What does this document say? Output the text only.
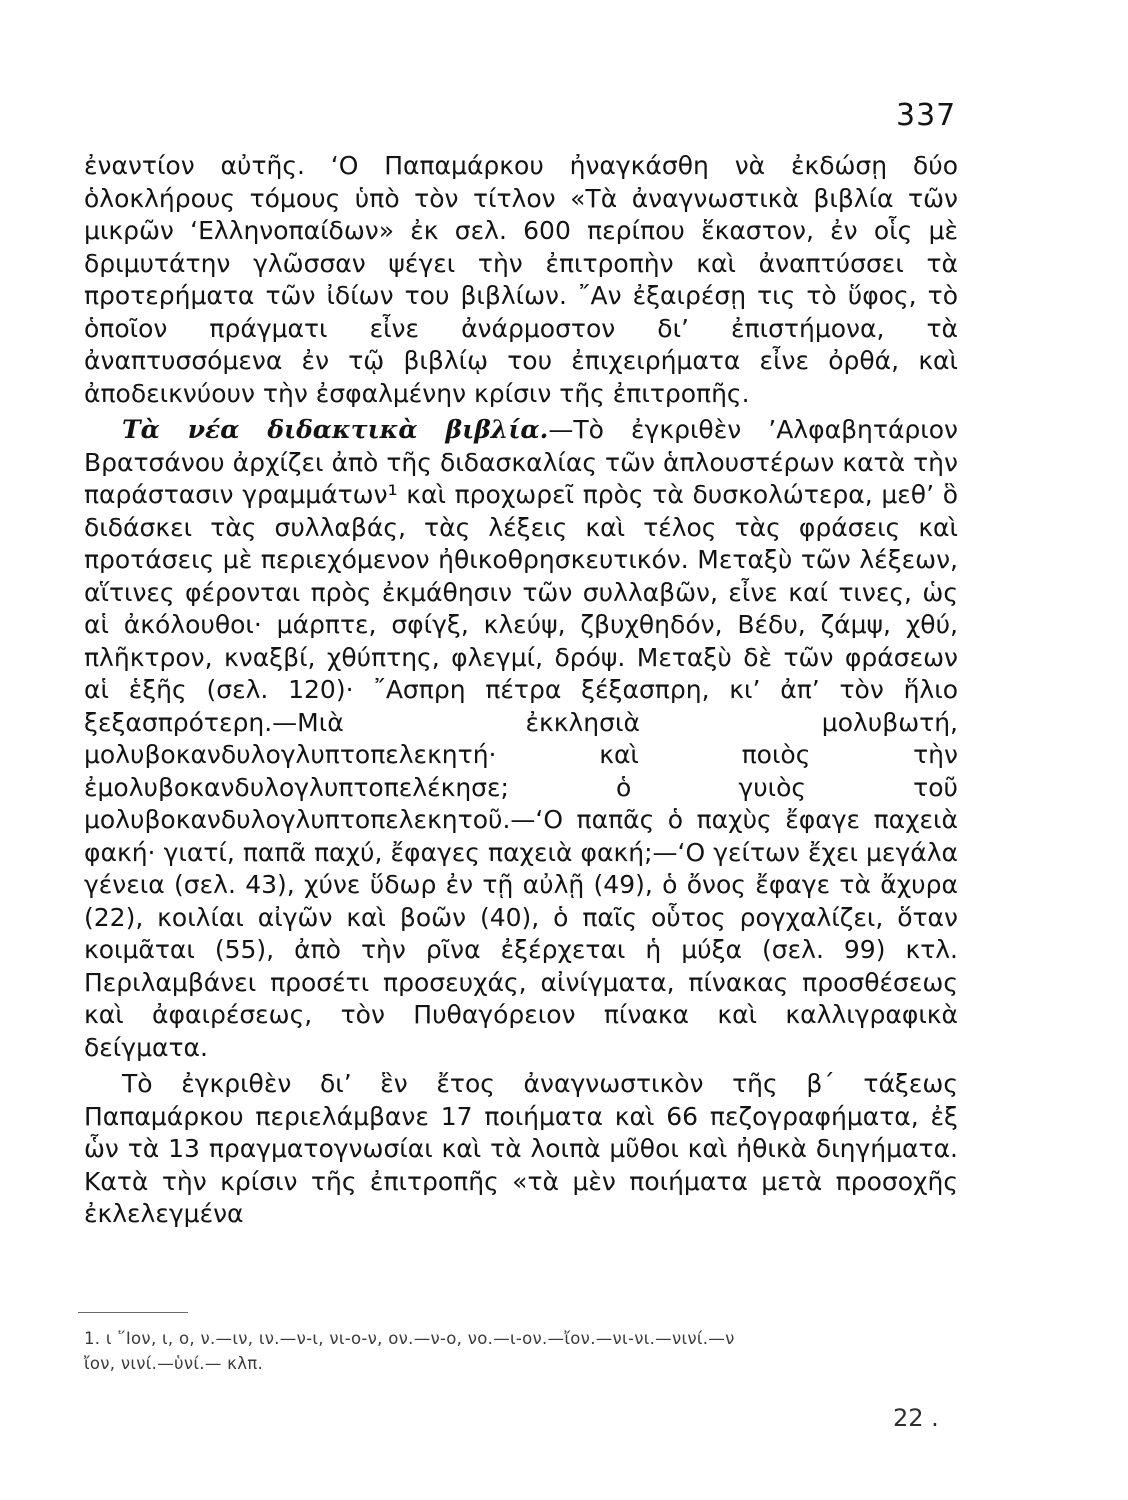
337

ἐναντίον αὐτῆς. ‘Ο Παπαμάρκου ἠναγκάσθη νὰ ἐκδώσῃ δύο ὁλοκλήρους τόμους ὑπὸ τὸν τίτλον «Τὰ ἀναγνωστικὰ βιβλία τῶν μικρῶν ‘Ελληνοπαίδων» ἐκ σελ. 600 περίπου ἕκαστον, ἐν οἷς μὲ δριμυτάτην γλῶσσαν ψέγει τὴν ἐπιτροπὴν καὶ ἀναπτύσσει τὰ προτερήματα τῶν ἰδίων του βιβλίων. ῎Αν ἐξαιρέσῃ τις τὸ ὕφος, τὸ ὁποῖον πράγματι εἶνε ἀνάρμοστον δι’ ἐπιστήμονα, τὰ ἀναπτυσσόμενα ἐν τῷ βιβλίῳ του ἐπιχειρήματα εἶνε ὀρθά, καὶ ἀποδεικνύουν τὴν ἐσφαλμένην κρίσιν τῆς ἐπιτροπῆς.

Τὰ νέα διδακτικὰ βιβλία.—Τὸ ἐγκριθὲν ’Αλφαβητάριον Βρατσάνου ἀρχίζει ἀπὸ τῆς διδασκαλίας τῶν ἁπλουστέρων κατὰ τὴν παράστασιν γραμμάτων¹ καὶ προχωρεῖ πρὸς τὰ δυσκολώτερα, μεθ’ ὃ διδάσκει τὰς συλλαβάς, τὰς λέξεις καὶ τέλος τὰς φράσεις καὶ προτάσεις μὲ περιεχόμενον ἠθικοθρησκευτικόν. Μεταξὺ τῶν λέξεων, αἵτινες φέρονται πρὸς ἐκμάθησιν τῶν συλλαβῶν, εἶνε καί τινες, ὡς αἱ ἀκόλουθοι· μάρπτε, σφίγξ, κλεύψ, ζβυχθηδόν, Βέδυ, ζάμψ, χθύ, πλῆκτρον, κναξβί, χθύπτης, φλεγμί, δρόψ. Μεταξὺ δὲ τῶν φράσεων αἱ ἑξῆς (σελ. 120)· ῎Ασπρη πέτρα ξέξασπρη, κι’ ἀπ’ τὸν ἥλιο ξεξασπρότερη.—Μιὰ ἐκκλησιὰ μολυβωτή, μολυβοκανδυλογλυπτοπελεκητή· καὶ ποιὸς τὴν ἐμολυβοκανδυλογλυπτοπελέκησε; ὁ γυιὸς τοῦ μολυβοκανδυλογλυπτοπελεκητοῦ.—‘Ο παπᾶς ὁ παχὺς ἔφαγε παχειὰ φακή· γιατί, παπᾶ παχύ, ἔφαγες παχειὰ φακή;—‘Ο γείτων ἔχει μεγάλα γένεια (σελ. 43), χύνε ὕδωρ ἐν τῇ αὐλῇ (49), ὁ ὄνος ἔφαγε τὰ ἄχυρα (22), κοιλίαι αἰγῶν καὶ βοῶν (40), ὁ παῖς οὗτος ρογχαλίζει, ὅταν κοιμᾶται (55), ἀπὸ τὴν ρῖνα ἐξέρχεται ἡ μύξα (σελ. 99) κτλ. Περιλαμβάνει προσέτι προσευχάς, αἰνίγματα, πίνακας προσθέσεως καὶ ἀφαιρέσεως, τὸν Πυθαγόρειον πίνακα καὶ καλλιγραφικὰ δείγματα.

Τὸ ἐγκριθὲν δι’ ἓν ἔτος ἀναγνωστικὸν τῆς β΄ τάξεως Παπαμάρκου περιελάμβανε 17 ποιήματα καὶ 66 πεζογραφήματα, ἐξ ὧν τὰ 13 πραγματογνωσίαι καὶ τὰ λοιπὰ μῦθοι καὶ ἠθικὰ διηγήματα. Κατὰ τὴν κρίσιν τῆς ἐπιτροπῆς «τὰ μὲν ποιήματα μετὰ προσοχῆς ἐκλελεγμένα

1. ι ῞Ιον, ι, ο, ν.—ιν, ιν.—ν-ι, νι-ο-ν, ον.—ν-ο, νο.—ι-ον.—ἴον.—νι-νι.—νινί.—ν

ἴον, νινί.—ὑνί.— κλπ.

22 .
